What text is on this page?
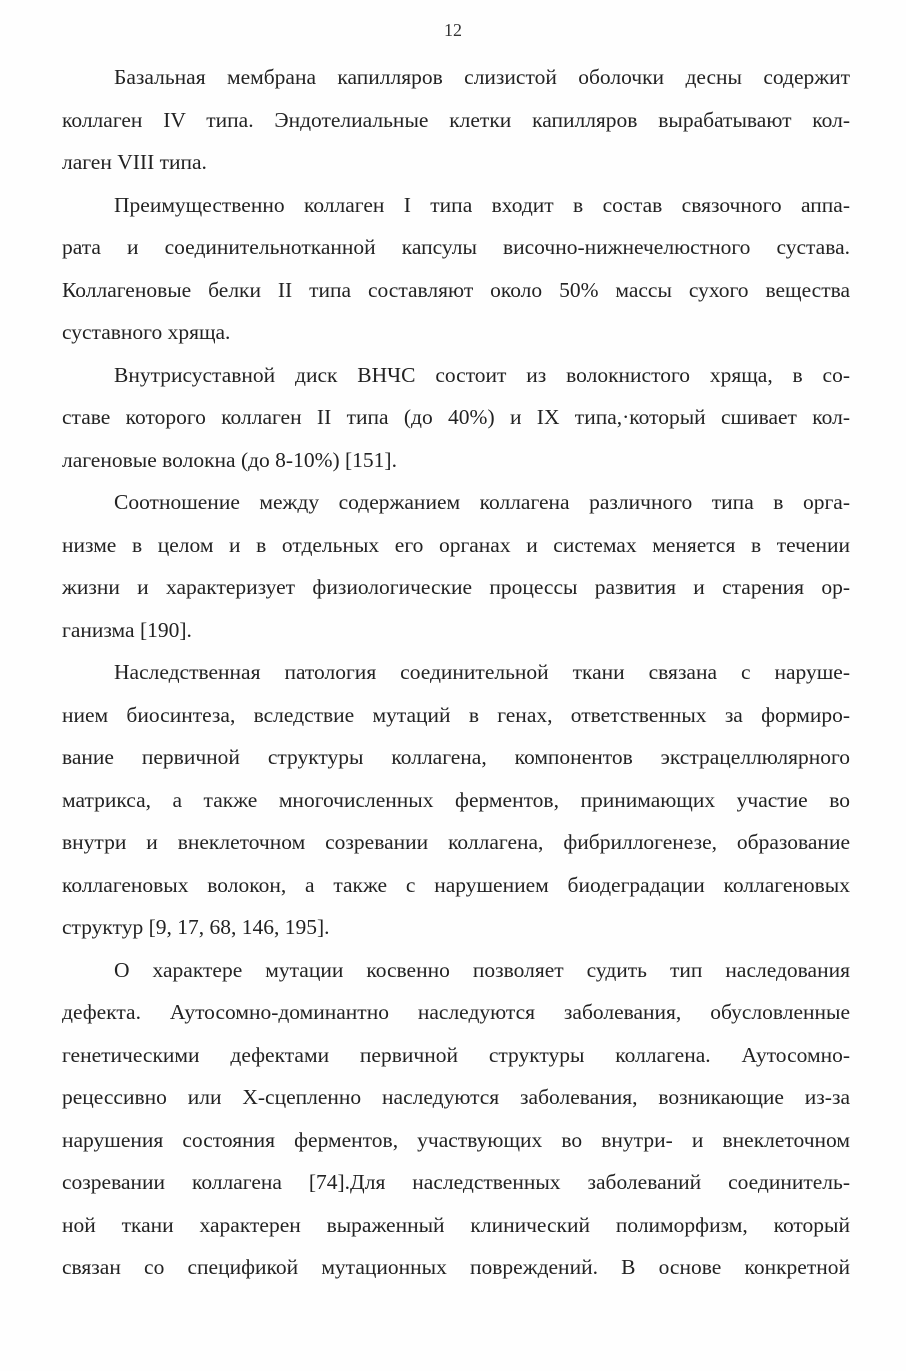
12
Базальная мембрана капилляров слизистой оболочки десны содержит
коллаген IV типа. Эндотелиальные клетки капилляров вырабатывают кол-
лаген VIII типа.
Преимущественно коллаген I типа входит в состав связочного аппа-
рата и соединительнотканной капсулы височно-нижнечелюстного сустава.
Коллагеновые белки II типа составляют около 50% массы сухого вещества
суставного хряща.
Внутрисуставной диск ВНЧС состоит из волокнистого хряща, в со-
ставе которого коллаген II типа (до 40%) и IX типа,·который сшивает кол-
лагеновые волокна (до 8-10%) [151].
Соотношение между содержанием коллагена различного типа в орга-
низме в целом и в отдельных его органах и системах меняется в течении
жизни и характеризует физиологические процессы развития и старения ор-
ганизма [190].
Наследственная патология соединительной ткани связана с наруше-
нием биосинтеза, вследствие мутаций в генах, ответственных за формиро-
вание первичной структуры коллагена, компонентов экстрацеллюлярного
матрикса, а также многочисленных ферментов, принимающих участие во
внутри и внеклеточном созревании коллагена, фибриллогенезе, образование
коллагеновых волокон, а также с нарушением биодеградации коллагеновых
структур [9, 17, 68, 146, 195].
О характере мутации косвенно позволяет судить тип наследования
дефекта. Аутосомно-доминантно наследуются заболевания, обусловленные
генетическими дефектами первичной структуры коллагена. Аутосомно-
рецессивно или Х-сцепленно наследуются заболевания, возникающие из-за
нарушения состояния ферментов, участвующих во внутри- и внеклеточном
созревании коллагена [74].Для наследственных заболеваний соединитель-
ной ткани характерен выраженный клинический полиморфизм, который
связан со спецификой мутационных повреждений. В основе конкретной
